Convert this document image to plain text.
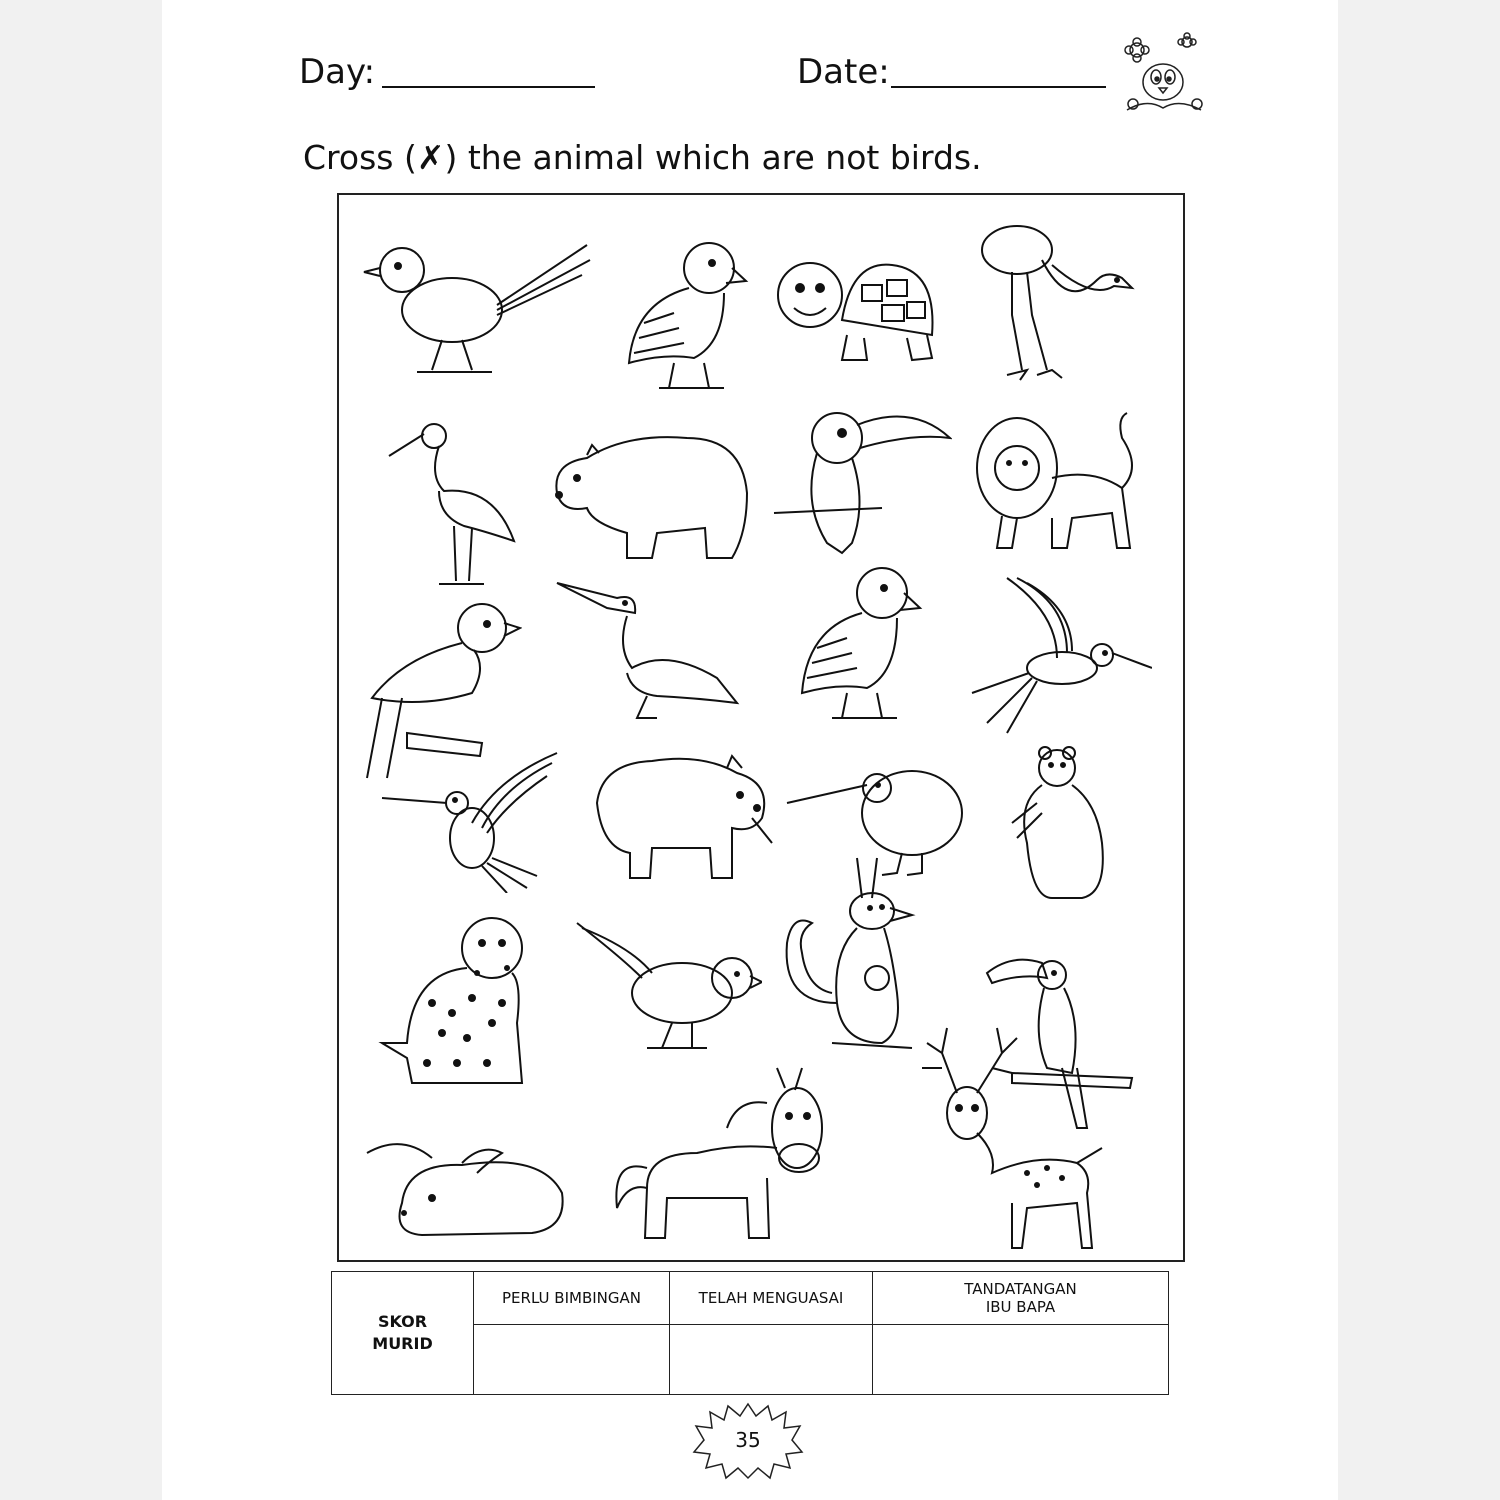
Day:	Date:
Cross (✗) the animal which are not birds.
SKOR
MURID	PERLU BIMBINGAN	TELAH MENGUASAI	TANDATANGAN
IBU BAPA

35
